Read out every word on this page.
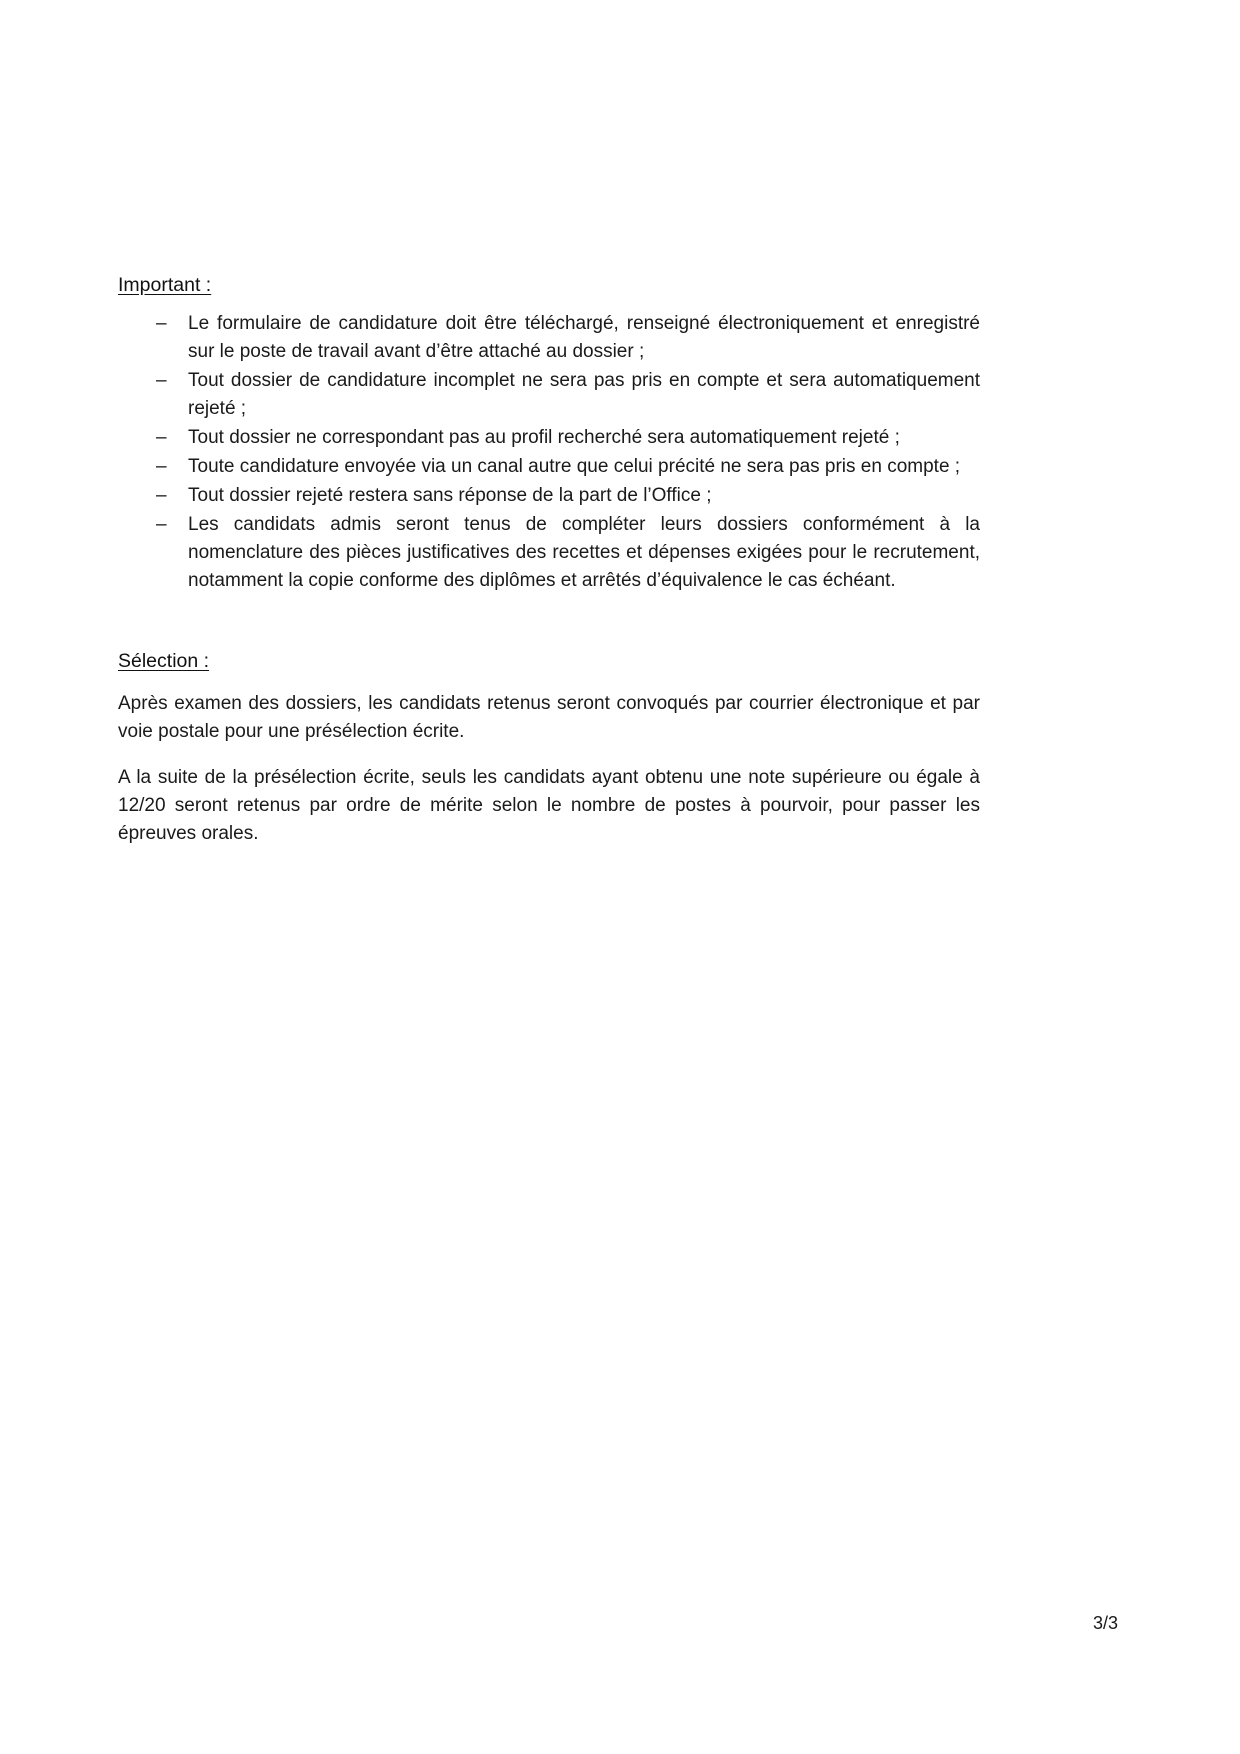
Important :
– Le formulaire de candidature doit être téléchargé, renseigné électroniquement et enregistré sur le poste de travail avant d’être attaché au dossier ;
– Tout dossier de candidature incomplet ne sera pas pris en compte et sera automatiquement rejeté ;
– Tout dossier ne correspondant pas au profil recherché sera automatiquement rejeté ;
– Toute candidature envoyée via un canal autre que celui précité ne sera pas pris en compte ;
– Tout dossier rejeté restera sans réponse de la part de l’Office ;
– Les candidats admis seront tenus de compléter leurs dossiers conformément à la nomenclature des pièces justificatives des recettes et dépenses exigées pour le recrutement, notamment la copie conforme des diplômes et arrêtés d’équivalence le cas échéant.
Sélection :

Après examen des dossiers, les candidats retenus seront convoqués par courrier électronique et par voie postale pour une présélection écrite.

A la suite de la présélection écrite, seuls les candidats ayant obtenu une note supérieure ou égale à 12/20 seront retenus par ordre de mérite selon le nombre de postes à pourvoir, pour passer les épreuves orales.

3/3
